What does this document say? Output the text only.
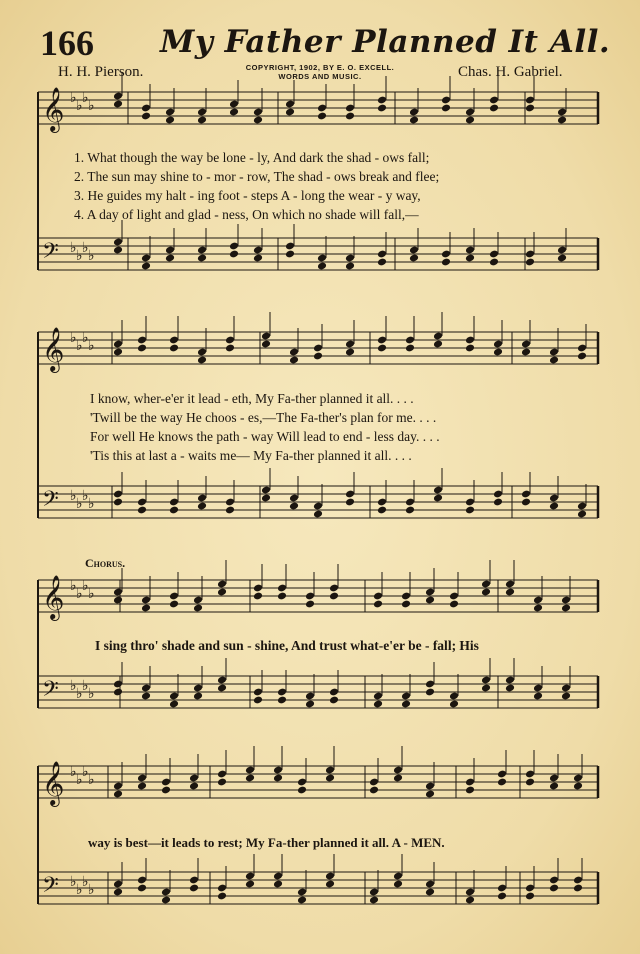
166 My Father Planned It All.
H. H. Pierson.	COPYRIGHT, 1902, BY E. O. EXCELL.
WORDS AND MUSIC.	Chas. H. Gabriel.
𝄞 ♭ ♭ ♭ ♭
𝄢 ♭ ♭ ♭ ♭
𝄞 ♭ ♭ ♭ ♭
𝄢 ♭ ♭ ♭ ♭
𝄞 ♭ ♭ ♭ ♭
𝄢 ♭ ♭ ♭ ♭
𝄞 ♭ ♭ ♭ ♭
𝄢 ♭ ♭ ♭ ♭
1. What though the way be lone - ly, And dark the shad - ows fall;
2. The sun may shine to - mor - row, The shad - ows break and flee;
3. He guides my halt - ing foot - steps A - long the wear - y way,
4. A day of light and glad - ness, On which no shade will fall,—
I know, wher-e'er it lead - eth, My Fa-ther planned it all. . . .
'Twill be the way He choos - es,—The Fa-ther's plan for me. . . .
For well He knows the path - way Will lead to end - less day. . . .
'Tis this at last a - waits me— My Fa-ther planned it all. . . .
Chorus.
I sing thro' shade and sun - shine, And trust what-e'er be - fall; His
way is best—it leads to rest; My Fa-ther planned it all. A - MEN.
